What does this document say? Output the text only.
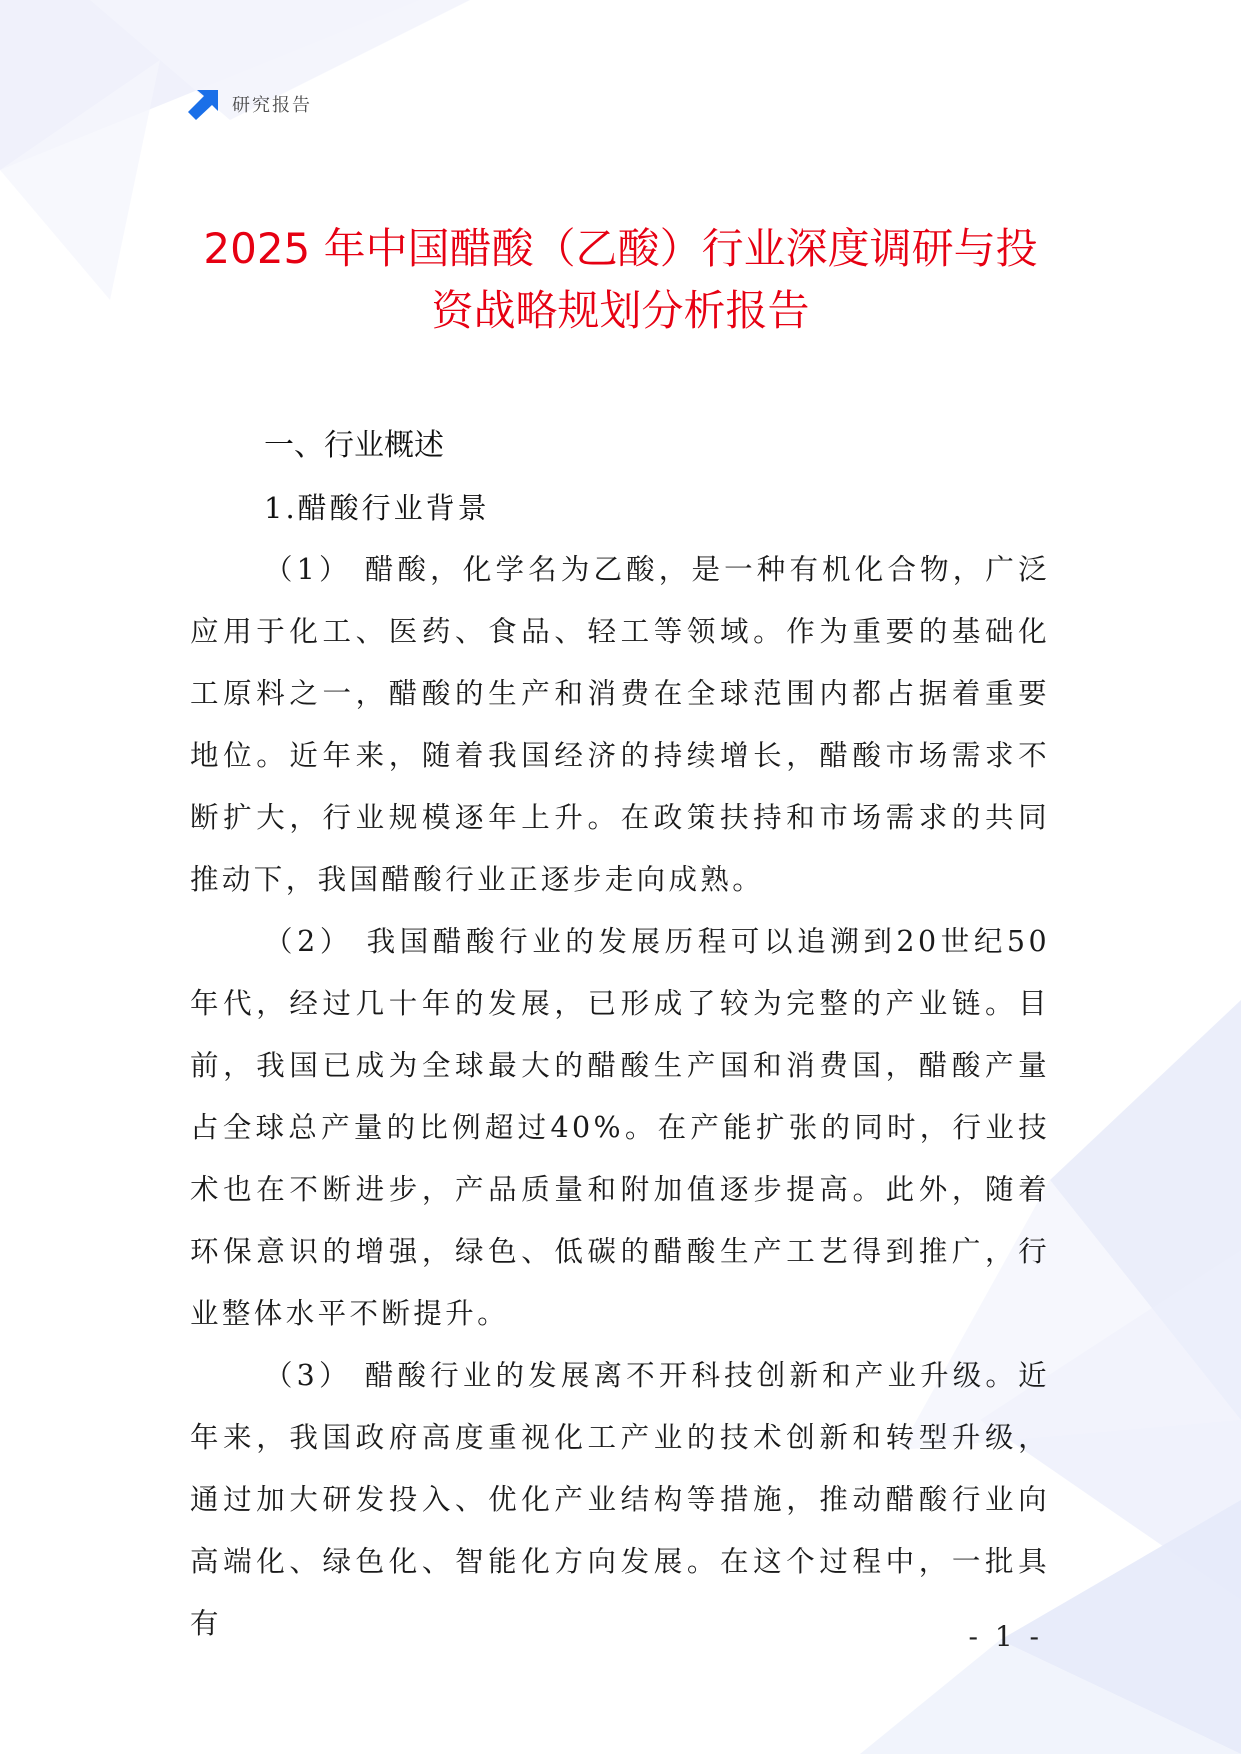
研究报告
2025 年中国醋酸（乙酸）行业深度调研与投
资战略规划分析报告
一、行业概述
1.醋酸行业背景

（1） 醋酸，化学名为乙酸，是一种有机化合物，广泛应用于化工、医药、食品、轻工等领域。作为重要的基础化工原料之一，醋酸的生产和消费在全球范围内都占据着重要地位。近年来，随着我国经济的持续增长，醋酸市场需求不断扩大，行业规模逐年上升。在政策扶持和市场需求的共同推动下，我国醋酸行业正逐步走向成熟。

（2） 我国醋酸行业的发展历程可以追溯到20世纪50年代，经过几十年的发展，已形成了较为完整的产业链。目前，我国已成为全球最大的醋酸生产国和消费国，醋酸产量占全球总产量的比例超过40%。在产能扩张的同时，行业技术也在不断进步，产品质量和附加值逐步提高。此外，随着环保意识的增强，绿色、低碳的醋酸生产工艺得到推广，行业整体水平不断提升。

（3） 醋酸行业的发展离不开科技创新和产业升级。近年来，我国政府高度重视化工产业的技术创新和转型升级，通过加大研发投入、优化产业结构等措施，推动醋酸行业向高端化、绿色化、智能化方向发展。在这个过程中，一批具有	- 1 -
